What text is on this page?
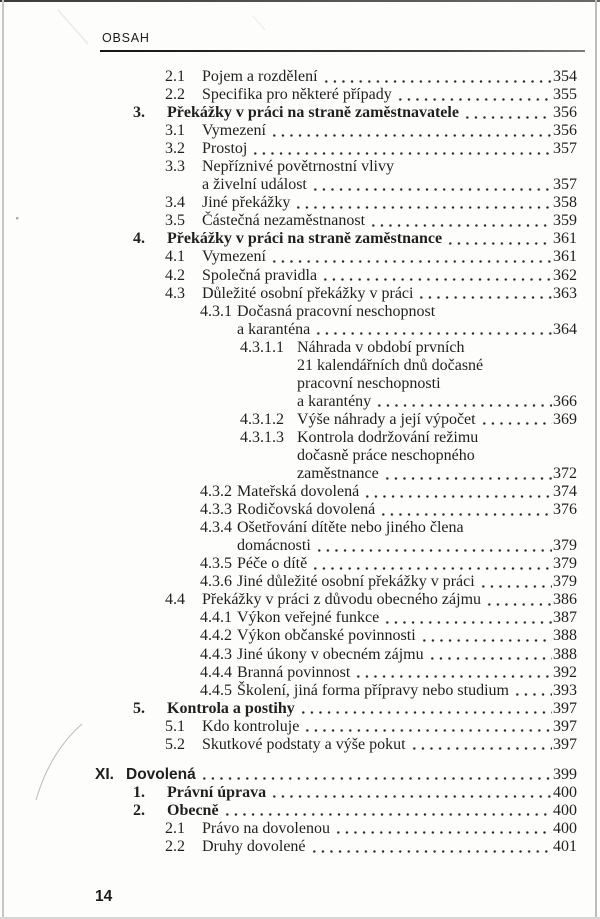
OBSAH
2.1	Pojem a rozdělení	354
2.2	Specifika pro některé případy	355
3.	Překážky v práci na straně zaměstnavatele	356
3.1	Vymezení	356
3.2	Prostoj	357
3.3	Nepříznivé povětrnostní vlivy
a živelní událost	357
3.4	Jiné překážky	358
3.5	Částečná nezaměstnanost	359
4.	Překážky v práci na straně zaměstnance	361
4.1	Vymezení	361
4.2	Společná pravidla	362
4.3	Důležité osobní překážky v práci	363
4.3.1 Dočasná pracovní neschopnost
a karanténa	364
4.3.1.1 Náhrada v období prvních
21 kalendářních dnů dočasné
pracovní neschopnosti
a karantény	366
4.3.1.2 Výše náhrady a její výpočet	369
4.3.1.3 Kontrola dodržování režimu
dočasně práce neschopného
zaměstnance	372
4.3.2 Mateřská dovolená	374
4.3.3 Rodičovská dovolená	376
4.3.4 Ošetřování dítěte nebo jiného člena
domácnosti	379
4.3.5 Péče o dítě	379
4.3.6 Jiné důležité osobní překážky v práci	379
4.4	Překážky v práci z důvodu obecného zájmu	386
4.4.1 Výkon veřejné funkce	387
4.4.2 Výkon občanské povinnosti	388
4.4.3 Jiné úkony v obecném zájmu	388
4.4.4 Branná povinnost	392
4.4.5 Školení, jiná forma přípravy nebo studium	393
5.	Kontrola a postihy	397
5.1	Kdo kontroluje	397
5.2	Skutkové podstaty a výše pokut	397
XI. Dovolená	399
1.	Právní úprava	400
2.	Obecně	400
2.1	Právo na dovolenou	400
2.2	Druhy dovolené	401
14
